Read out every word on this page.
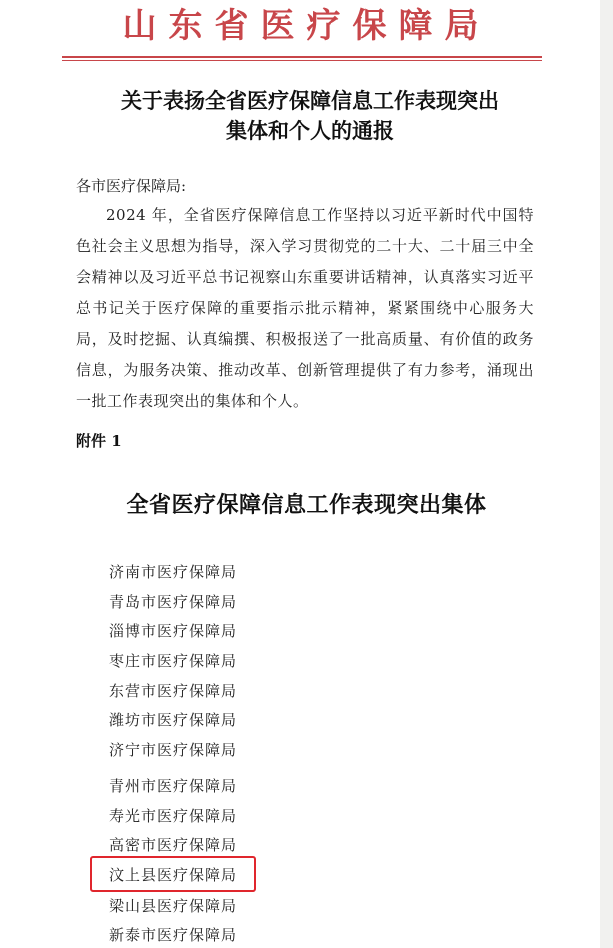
山东省医疗保障局
关于表扬全省医疗保障信息工作表现突出
集体和个人的通报
各市医疗保障局:
2024 年，全省医疗保障信息工作坚持以习近平新时代中国特色社会主义思想为指导，深入学习贯彻党的二十大、二十届三中全会精神以及习近平总书记视察山东重要讲话精神，认真落实习近平总书记关于医疗保障的重要指示批示精神，紧紧围绕中心服务大局，及时挖掘、认真编撰、积极报送了一批高质量、有价值的政务信息，为服务决策、推动改革、创新管理提供了有力参考，涌现出一批工作表现突出的集体和个人。
附件 1
全省医疗保障信息工作表现突出集体
济南市医疗保障局
青岛市医疗保障局
淄博市医疗保障局
枣庄市医疗保障局
东营市医疗保障局
潍坊市医疗保障局
济宁市医疗保障局
青州市医疗保障局
寿光市医疗保障局
高密市医疗保障局
汶上县医疗保障局
梁山县医疗保障局
新泰市医疗保障局
